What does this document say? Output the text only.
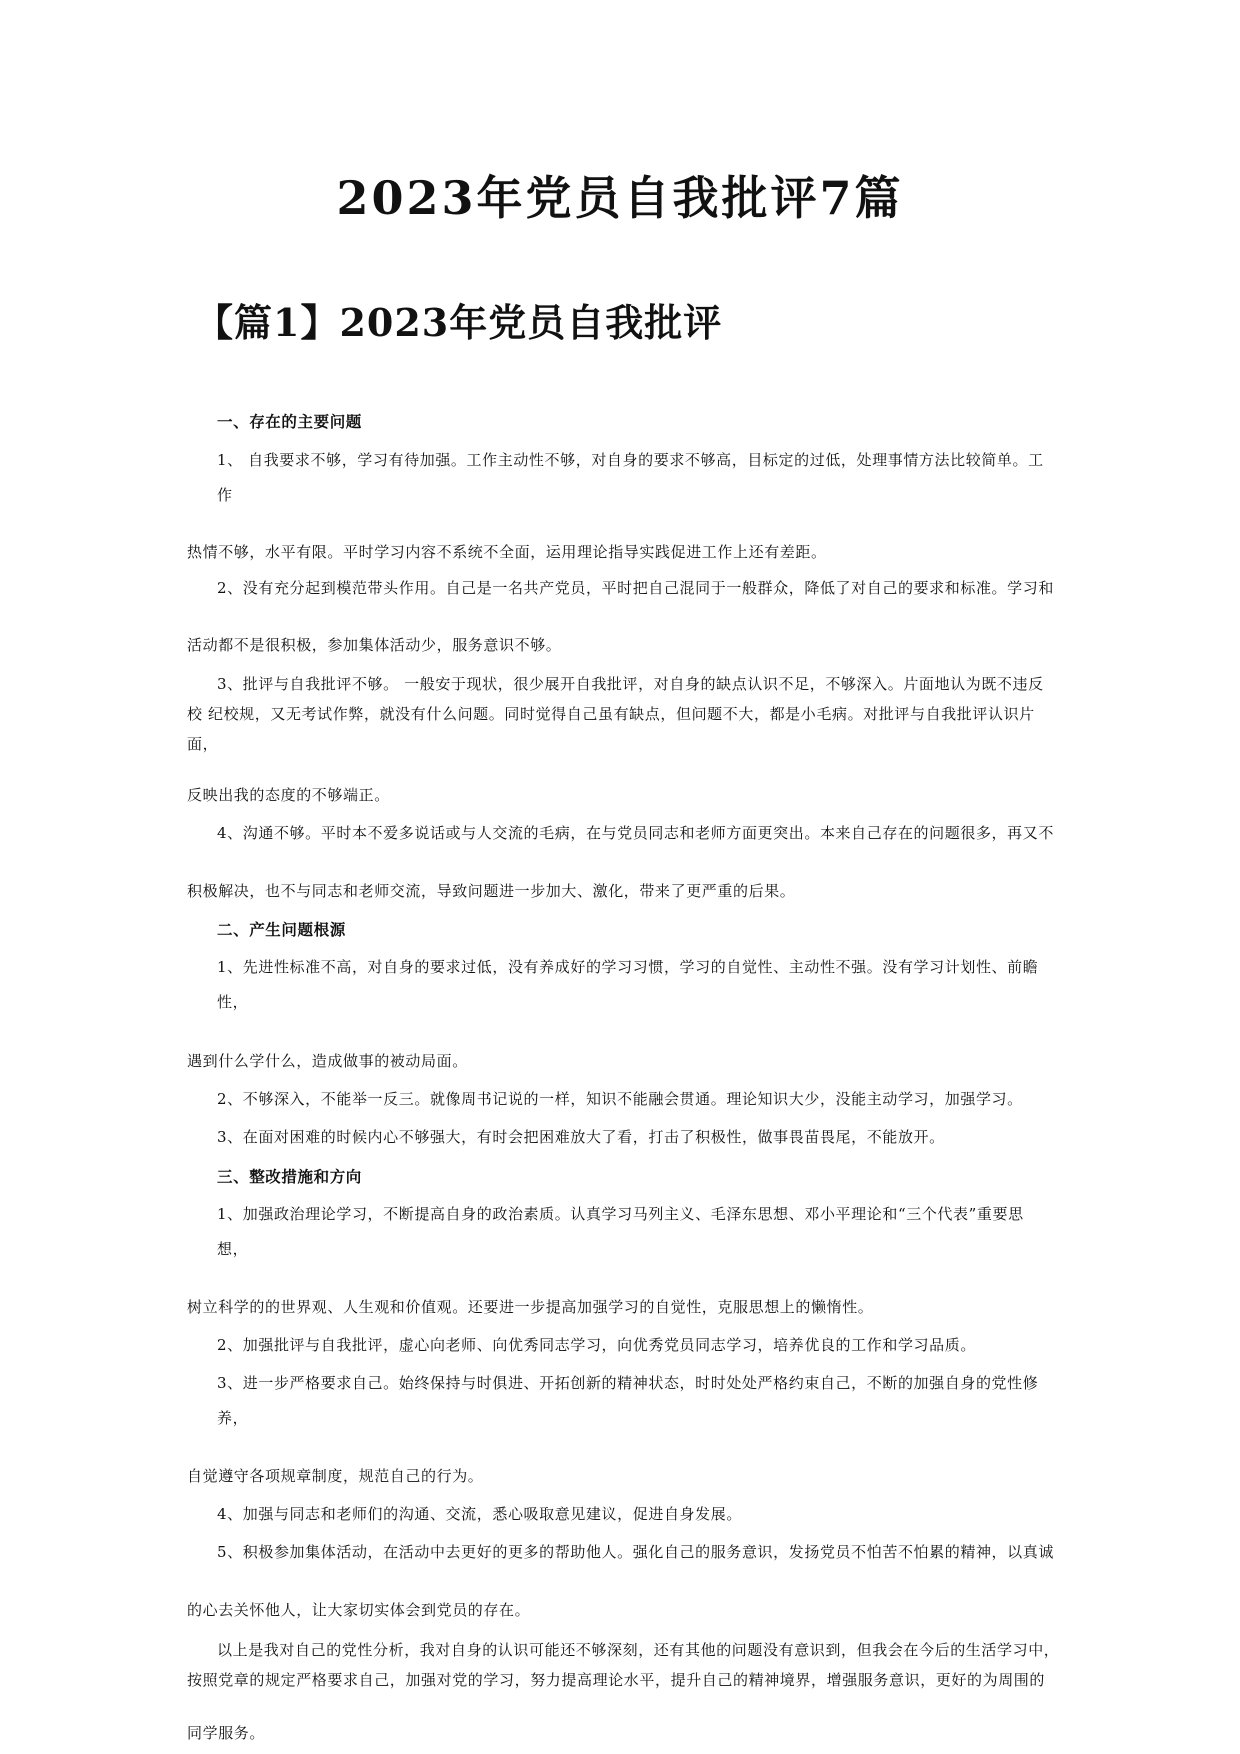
2023年党员自我批评7篇
【篇1】2023年党员自我批评

一、存在的主要问题

1、 自我要求不够，学习有待加强。工作主动性不够，对自身的要求不够高，目标定的过低，处理事情方法比较简单。工

作

热情不够，水平有限。平时学习内容不系统不全面，运用理论指导实践促进工作上还有差距。

2、没有充分起到模范带头作用。自己是一名共产党员，平时把自己混同于一般群众，降低了对自己的要求和标准。学习和

活动都不是很积极，参加集体活动少，服务意识不够。

3、批评与自我批评不够。 一般安于现状，很少展开自我批评，对自身的缺点认识不足，不够深入。片面地认为既不违反

校 纪校规，又无考试作弊，就没有什么问题。同时觉得自己虽有缺点，但问题不大，都是小毛病。对批评与自我批评认识片

面，

反映出我的态度的不够端正。

4、沟通不够。平时本不爱多说话或与人交流的毛病，在与党员同志和老师方面更突出。本来自己存在的问题很多，再又不

积极解决，也不与同志和老师交流，导致问题进一步加大、激化，带来了更严重的后果。

二、产生问题根源

1、先进性标准不高，对自身的要求过低，没有养成好的学习习惯，学习的自觉性、主动性不强。没有学习计划性、前瞻

性，

遇到什么学什么，造成做事的被动局面。

2、不够深入，不能举一反三。就像周书记说的一样，知识不能融会贯通。理论知识大少，没能主动学习，加强学习。

3、在面对困难的时候内心不够强大，有时会把困难放大了看，打击了积极性，做事畏苗畏尾，不能放开。

三、整改措施和方向

1、加强政治理论学习，不断提高自身的政治素质。认真学习马列主义、毛泽东思想、邓小平理论和“三个代表”重要思

想，

树立科学的的世界观、人生观和价值观。还要进一步提高加强学习的自觉性，克服思想上的懒惰性。

2、加强批评与自我批评，虚心向老师、向优秀同志学习，向优秀党员同志学习，培养优良的工作和学习品质。

3、进一步严格要求自己。始终保持与时俱进、开拓创新的精神状态，时时处处严格约束自己，不断的加强自身的党性修

养，

自觉遵守各项规章制度，规范自己的行为。

4、加强与同志和老师们的沟通、交流，悉心吸取意见建议，促进自身发展。

5、积极参加集体活动，在活动中去更好的更多的帮助他人。强化自己的服务意识，发扬党员不怕苦不怕累的精神，以真诚

的心去关怀他人，让大家切实体会到党员的存在。

以上是我对自己的党性分析，我对自身的认识可能还不够深刻，还有其他的问题没有意识到，但我会在今后的生活学习中，

按照党章的规定严格要求自己，加强对党的学习，努力提高理论水平，提升自己的精神境界，增强服务意识，更好的为周围的

同学服务。
